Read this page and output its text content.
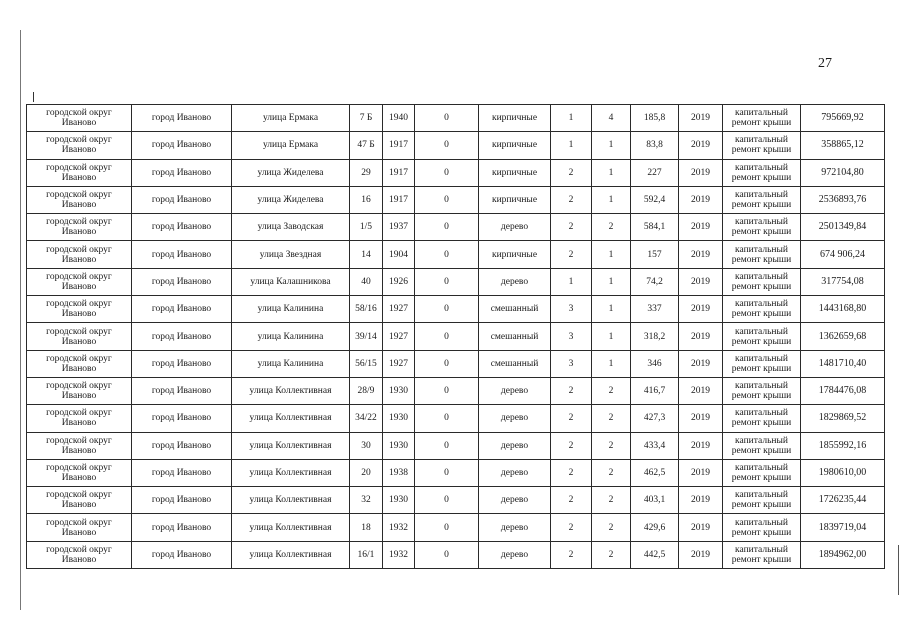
27
городской округ Иваново	город Иваново	улица Ермака	7 Б	1940	0	кирпичные	1	4	185,8	2019	капитальный ремонт крыши	795669,92
городской округ Иваново	город Иваново	улица Ермака	47 Б	1917	0	кирпичные	1	1	83,8	2019	капитальный ремонт крыши	358865,12
городской округ Иваново	город Иваново	улица Жиделева	29	1917	0	кирпичные	2	1	227	2019	капитальный ремонт крыши	972104,80
городской округ Иваново	город Иваново	улица Жиделева	16	1917	0	кирпичные	2	1	592,4	2019	капитальный ремонт крыши	2536893,76
городской округ Иваново	город Иваново	улица Заводская	1/5	1937	0	дерево	2	2	584,1	2019	капитальный ремонт крыши	2501349,84
городской округ Иваново	город Иваново	улица Звездная	14	1904	0	кирпичные	2	1	157	2019	капитальный ремонт крыши	674 906,24
городской округ Иваново	город Иваново	улица Калашникова	40	1926	0	дерево	1	1	74,2	2019	капитальный ремонт крыши	317754,08
городской округ Иваново	город Иваново	улица Калинина	58/16	1927	0	смешанный	3	1	337	2019	капитальный ремонт крыши	1443168,80
городской округ Иваново	город Иваново	улица Калинина	39/14	1927	0	смешанный	3	1	318,2	2019	капитальный ремонт крыши	1362659,68
городской округ Иваново	город Иваново	улица Калинина	56/15	1927	0	смешанный	3	1	346	2019	капитальный ремонт крыши	1481710,40
городской округ Иваново	город Иваново	улица Коллективная	28/9	1930	0	дерево	2	2	416,7	2019	капитальный ремонт крыши	1784476,08
городской округ Иваново	город Иваново	улица Коллективная	34/22	1930	0	дерево	2	2	427,3	2019	капитальный ремонт крыши	1829869,52
городской округ Иваново	город Иваново	улица Коллективная	30	1930	0	дерево	2	2	433,4	2019	капитальный ремонт крыши	1855992,16
городской округ Иваново	город Иваново	улица Коллективная	20	1938	0	дерево	2	2	462,5	2019	капитальный ремонт крыши	1980610,00
городской округ Иваново	город Иваново	улица Коллективная	32	1930	0	дерево	2	2	403,1	2019	капитальный ремонт крыши	1726235,44
городской округ Иваново	город Иваново	улица Коллективная	18	1932	0	дерево	2	2	429,6	2019	капитальный ремонт крыши	1839719,04
городской округ Иваново	город Иваново	улица Коллективная	16/1	1932	0	дерево	2	2	442,5	2019	капитальный ремонт крыши	1894962,00
